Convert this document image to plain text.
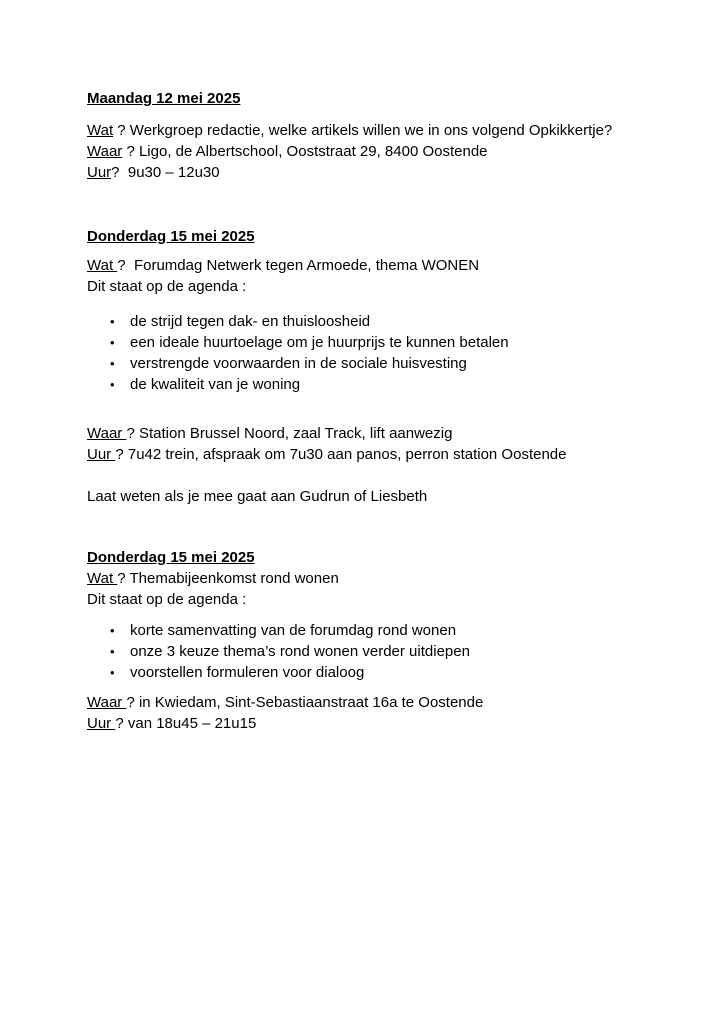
Maandag 12 mei 2025

Wat ? Werkgroep redactie, welke artikels willen we in ons volgend Opkikkertje?

Waar ? Ligo, de Albertschool, Ooststraat 29, 8400 Oostende

Uur?  9u30 – 12u30

Donderdag 15 mei 2025

Wat ?  Forumdag Netwerk tegen Armoede, thema WONEN

Dit staat op de agenda :

• de strijd tegen dak- en thuisloosheid
• een ideale huurtoelage om je huurprijs te kunnen betalen
• verstrengde voorwaarden in de sociale huisvesting
• de kwaliteit van je woning

Waar ? Station Brussel Noord, zaal Track, lift aanwezig

Uur ? 7u42 trein, afspraak om 7u30 aan panos, perron station Oostende

Laat weten als je mee gaat aan Gudrun of Liesbeth

Donderdag 15 mei 2025

Wat ? Themabijeenkomst rond wonen

Dit staat op de agenda :

• korte samenvatting van de forumdag rond wonen
• onze 3 keuze thema’s rond wonen verder uitdiepen
• voorstellen formuleren voor dialoog

Waar ? in Kwiedam, Sint-Sebastiaanstraat 16a te Oostende

Uur ? van 18u45 – 21u15
